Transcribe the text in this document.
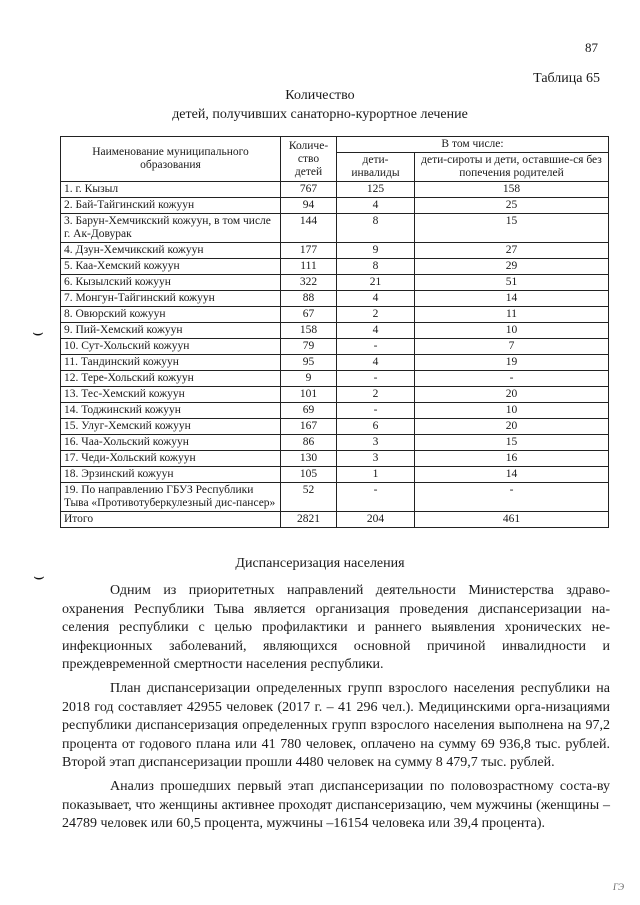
87
Таблица 65
Количество
детей, получивших санаторно-курортное лечение
Наименование муниципального образования	Количе-ство детей	В том числе:	
		дети-инвалиды	дети-сироты и дети, оставшие-ся без попечения родителей
1. г. Кызыл	767	125	158
2. Бай-Тайгинский кожуун	94	4	25
3. Барун-Хемчикский кожуун, в том числе г. Ак-Довурак	144	8	15
4. Дзун-Хемчикский кожуун	177	9	27
5. Каа-Хемский кожуун	111	8	29
6. Кызылский кожуун	322	21	51
7. Монгун-Тайгинский кожуун	88	4	14
8. Овюрский кожуун	67	2	11
9. Пий-Хемский кожуун	158	4	10
10. Сут-Хольский кожуун	79	-	7
11. Тандинский кожуун	95	4	19
12. Тере-Хольский кожуун	9	-	-
13. Тес-Хемский кожуун	101	2	20
14. Тоджинский кожуун	69	-	10
15. Улуг-Хемский кожуун	167	6	20
16. Чаа-Хольский кожуун	86	3	15
17. Чеди-Хольский кожуун	130	3	16
18. Эрзинский кожуун	105	1	14
19. По направлению ГБУЗ Республики Тыва «Противотуберкулезный дис-пансер»	52	-	-
Итого	2821	204	461
Диспансеризация населения

Одним из приоритетных направлений деятельности Министерства здраво-охранения Республики Тыва является организация проведения диспансеризации на-селения республики с целью профилактики и раннего выявления хронических не-инфекционных заболеваний, являющихся основной причиной инвалидности и преждевременной смертности населения республики.

План диспансеризации определенных групп взрослого населения республики на 2018 год составляет 42955 человек (2017 г. – 41 296 чел.). Медицинскими орга-низациями республики диспансеризация определенных групп взрослого населения выполнена на 97,2 процента от годового плана или 41 780 человек, оплачено на сумму 69 936,8 тыс. рублей. Второй этап диспансеризации прошли 4480 человек на сумму 8 479,7 тыс. рублей.

Анализ прошедших первый этап диспансеризации по половозрастному соста-ву показывает, что женщины активнее проходят диспансеризацию, чем мужчины (женщины – 24789 человек или 60,5 процента, мужчины –16154 человека или 39,4 процента).

⌣
⌣
ГЭ
